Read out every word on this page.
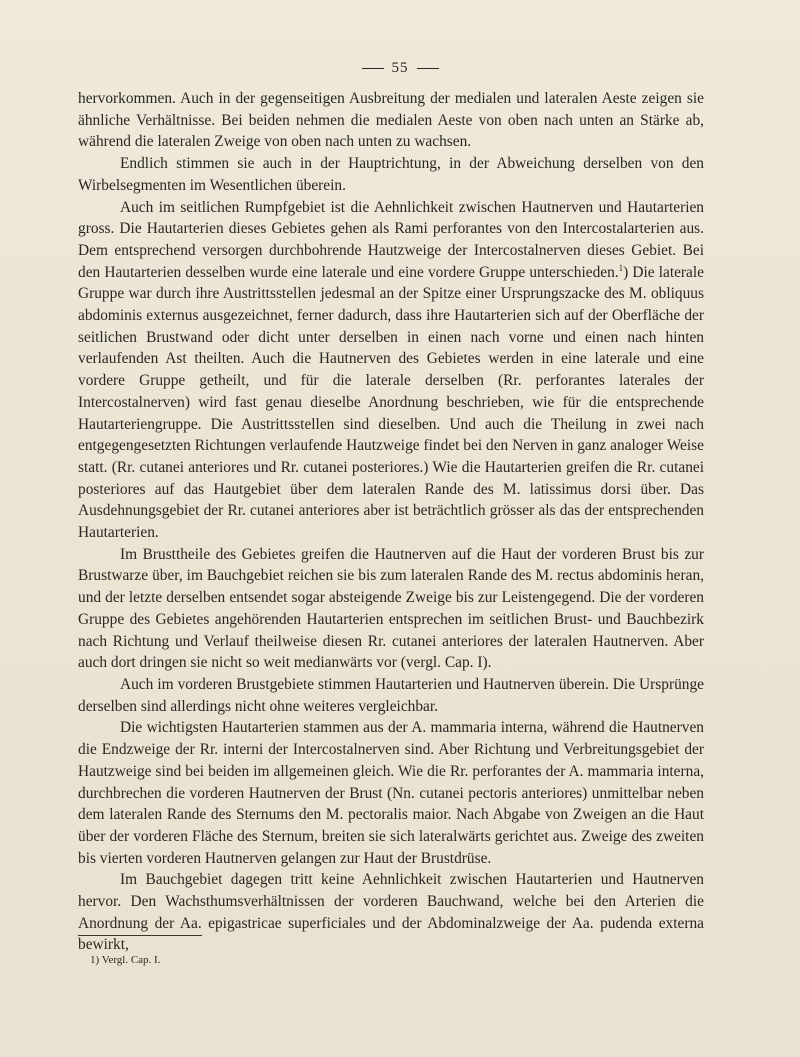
55

hervorkommen. Auch in der gegenseitigen Ausbreitung der medialen und lateralen Aeste zeigen sie ähnliche Verhältnisse. Bei beiden nehmen die medialen Aeste von oben nach unten an Stärke ab, während die lateralen Zweige von oben nach unten zu wachsen.

Endlich stimmen sie auch in der Hauptrichtung, in der Abweichung derselben von den Wirbelsegmenten im Wesentlichen überein.

Auch im seitlichen Rumpfgebiet ist die Aehnlichkeit zwischen Hautnerven und Hautarterien gross. Die Hautarterien dieses Gebietes gehen als Rami perforantes von den Intercostalarterien aus. Dem entsprechend versorgen durchbohrende Hautzweige der Intercostalnerven dieses Gebiet. Bei den Hautarterien desselben wurde eine laterale und eine vordere Gruppe unterschieden.$^1$) Die laterale Gruppe war durch ihre Austrittsstellen jedesmal an der Spitze einer Ursprungszacke des M. obliquus abdominis externus ausgezeichnet, ferner dadurch, dass ihre Hautarterien sich auf der Oberfläche der seitlichen Brustwand oder dicht unter derselben in einen nach vorne und einen nach hinten verlaufenden Ast theilten. Auch die Hautnerven des Gebietes werden in eine laterale und eine vordere Gruppe getheilt, und für die laterale derselben (Rr. perforantes laterales der Intercostalnerven) wird fast genau dieselbe Anordnung beschrieben, wie für die entsprechende Hautarteriengruppe. Die Austrittsstellen sind dieselben. Und auch die Theilung in zwei nach entgegengesetzten Richtungen verlaufende Hautzweige findet bei den Nerven in ganz analoger Weise statt. (Rr. cutanei anteriores und Rr. cutanei posteriores.) Wie die Hautarterien greifen die Rr. cutanei posteriores auf das Hautgebiet über dem lateralen Rande des M. latissimus dorsi über. Das Ausdehnungsgebiet der Rr. cutanei anteriores aber ist beträchtlich grösser als das der entsprechenden Hautarterien.

Im Brusttheile des Gebietes greifen die Hautnerven auf die Haut der vorderen Brust bis zur Brustwarze über, im Bauchgebiet reichen sie bis zum lateralen Rande des M. rectus abdominis heran, und der letzte derselben entsendet sogar absteigende Zweige bis zur Leistengegend. Die der vorderen Gruppe des Gebietes angehörenden Hautarterien entsprechen im seitlichen Brust- und Bauchbezirk nach Richtung und Verlauf theilweise diesen Rr. cutanei anteriores der lateralen Hautnerven. Aber auch dort dringen sie nicht so weit medianwärts vor (vergl. Cap. I).

Auch im vorderen Brustgebiete stimmen Hautarterien und Hautnerven überein. Die Ursprünge derselben sind allerdings nicht ohne weiteres vergleichbar.

Die wichtigsten Hautarterien stammen aus der A. mammaria interna, während die Hautnerven die Endzweige der Rr. interni der Intercostalnerven sind. Aber Richtung und Verbreitungsgebiet der Hautzweige sind bei beiden im allgemeinen gleich. Wie die Rr. perforantes der A. mammaria interna, durchbrechen die vorderen Hautnerven der Brust (Nn. cutanei pectoris anteriores) unmittelbar neben dem lateralen Rande des Sternums den M. pectoralis maior. Nach Abgabe von Zweigen an die Haut über der vorderen Fläche des Sternum, breiten sie sich lateralwärts gerichtet aus. Zweige des zweiten bis vierten vorderen Hautnerven gelangen zur Haut der Brustdrüse.

Im Bauchgebiet dagegen tritt keine Aehnlichkeit zwischen Hautarterien und Hautnerven hervor. Den Wachsthumsverhältnissen der vorderen Bauchwand, welche bei den Arterien die Anordnung der Aa. epigastricae superficiales und der Abdominalzweige der Aa. pudenda externa bewirkt,

1) Vergl. Cap. I.
